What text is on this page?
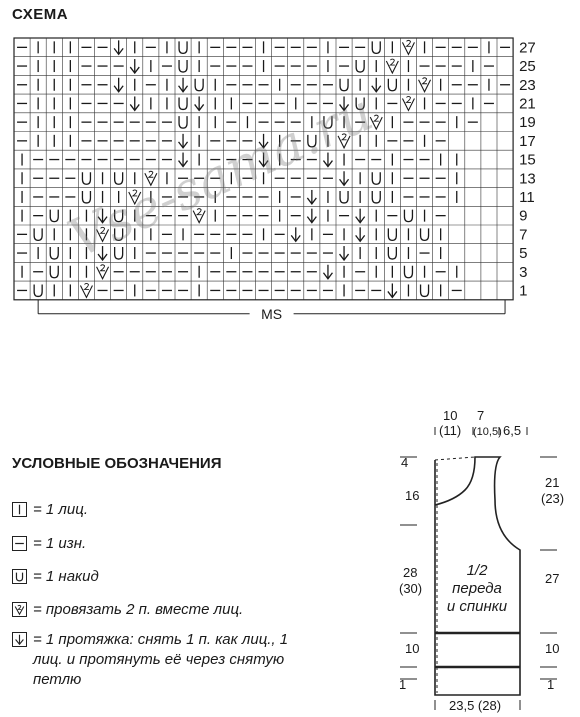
СХЕМА
27
25
23
21
19
17
15
13
11
9
7
5
3
1
MS
Vse-sama.ru
УСЛОВНЫЕ ОБОЗНАЧЕНИЯ
= 1 лиц.
= 1 изн.
= 1 накид
= провязать 2 п. вместе лиц.
= 1 протяжка: снять 1 п. как лиц., 1 лиц. и протянуть её через снятую петлю
10
(11)
7
(10,5) 6,5
4
16
28
(30)
10
1
21
(23)
27
10
1
23,5 (28)
1/2
переда
и спинки
